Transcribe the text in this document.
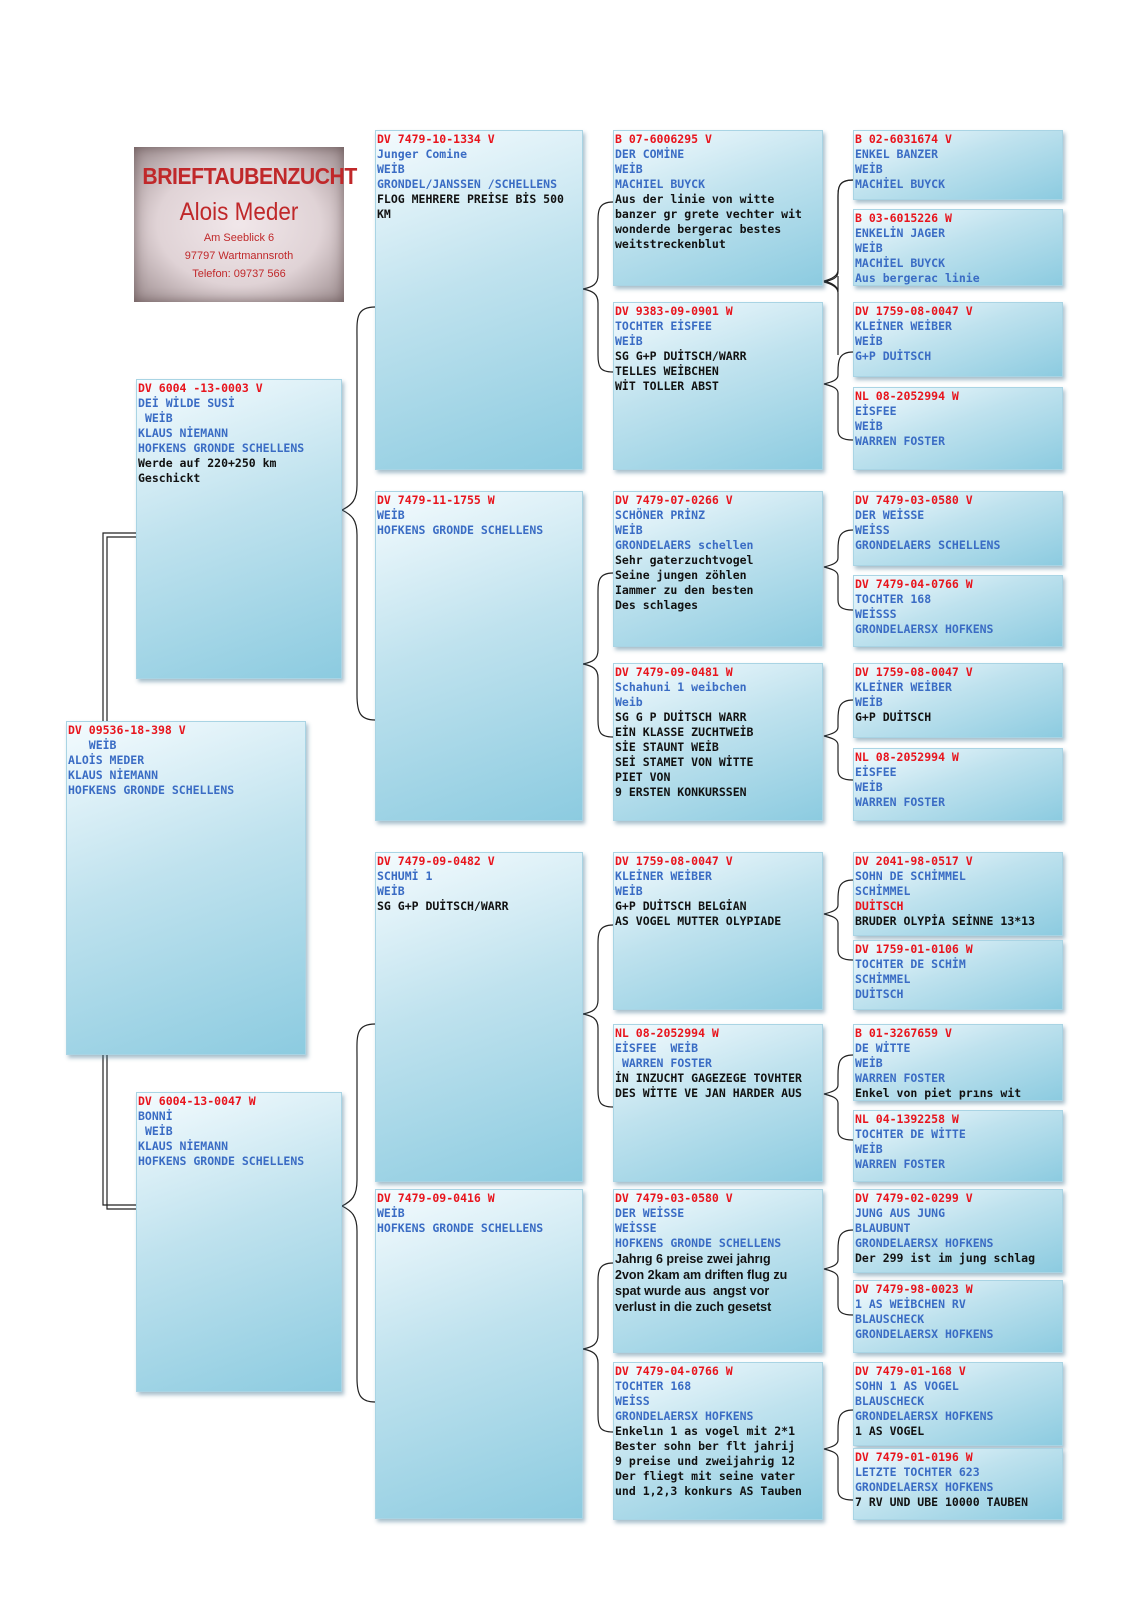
BRIEFTAUBENZUCHT
Alois Meder
Am Seeblick 6
97797 Wartmannsroth
Telefon: 09737 566
DV 09536-18-398 V
WEİB
ALOİS MEDER
KLAUS NİEMANN
HOFKENS GRONDE SCHELLENS
DV 6004 -13-0003 V
DEİ WİLDE SUSİ
WEİB
KLAUS NİEMANN
HOFKENS GRONDE SCHELLENS
Werde auf 220+250 km
Geschickt
DV 6004-13-0047 W
BONNİ
WEİB
KLAUS NİEMANN
HOFKENS GRONDE SCHELLENS
DV 7479-10-1334 V
Junger Comine
WEİB
GRONDEL/JANSSEN /SCHELLENS
FLOG MEHRERE PREİSE BİS 500
KM
DV 7479-11-1755 W
WEİB
HOFKENS GRONDE SCHELLENS
DV 7479-09-0482 V
SCHUMİ 1
WEİB
SG G+P DUİTSCH/WARR
DV 7479-09-0416 W
WEİB
HOFKENS GRONDE SCHELLENS
B 07-6006295 V
DER COMİNE
WEİB
MACHIEL BUYCK
Aus der linie von witte
banzer gr grete vechter wit
wonderde bergerac bestes
weitstreckenblut
DV 9383-09-0901 W
TOCHTER EİSFEE
WEİB
SG G+P DUİTSCH/WARR
TELLES WEİBCHEN
WİT TOLLER ABST
DV 7479-07-0266 V
SCHÖNER PRİNZ
WEİB
GRONDELAERS schellen
Sehr gaterzuchtvogel
Seine jungen zöhlen
Iammer zu den besten
Des schlages
DV 7479-09-0481 W
Schahuni 1 weibchen
Weib
SG G P DUİTSCH WARR
EİN KLASSE ZUCHTWEİB
SİE STAUNT WEİB
SEİ STAMET VON WİTTE
PIET VON
9 ERSTEN KONKURSSEN
DV 1759-08-0047 V
KLEİNER WEİBER
WEİB
G+P DUİTSCH BELGİAN
AS VOGEL MUTTER OLYPIADE
NL 08-2052994 W
EİSFEE  WEİB
WARREN FOSTER
İN INZUCHT GAGEZEGE TOVHTER
DES WİTTE VE JAN HARDER AUS
DV 7479-03-0580 V
DER WEİSSE
WEİSSE
HOFKENS GRONDE SCHELLENS
Jahrıg 6 preise zwei jahrıg
2von 2kam am driften flug zu
spat wurde aus  angst vor
verlust in die zuch gesetst
DV 7479-04-0766 W
TOCHTER 168
WEİSS
GRONDELAERSX HOFKENS
Enkelın 1 as vogel mit 2*1
Bester sohn ber flt jahrij
9 preise und zweijahrig 12
Der fliegt mit seine vater
und 1,2,3 konkurs AS Tauben
B 02-6031674 V
ENKEL BANZER
WEİB
MACHİEL BUYCK
B 03-6015226 W
ENKELİN JAGER
WEİB
MACHİEL BUYCK
Aus bergerac linie
DV 1759-08-0047 V
KLEİNER WEİBER
WEİB
G+P DUİTSCH
NL 08-2052994 W
EİSFEE
WEİB
WARREN FOSTER
DV 7479-03-0580 V
DER WEİSSE
WEİSS
GRONDELAERS SCHELLENS
DV 7479-04-0766 W
TOCHTER 168
WEİSSS
GRONDELAERSX HOFKENS
DV 1759-08-0047 V
KLEİNER WEİBER
WEİB
G+P DUİTSCH
NL 08-2052994 W
EİSFEE
WEİB
WARREN FOSTER
DV 2041-98-0517 V
SOHN DE SCHİMMEL
SCHİMMEL
DUİTSCH
BRUDER OLYPİA SEİNNE 13*13
DV 1759-01-0106 W
TOCHTER DE SCHİM
SCHİMMEL
DUİTSCH
B 01-3267659 V
DE WİTTE
WEİB
WARREN FOSTER
Enkel von piet prıns wit
NL 04-1392258 W
TOCHTER DE WİTTE
WEİB
WARREN FOSTER
DV 7479-02-0299 V
JUNG AUS JUNG
BLAUBUNT
GRONDELAERSX HOFKENS
Der 299 ist im jung schlag
DV 7479-98-0023 W
1 AS WEİBCHEN RV
BLAUSCHECK
GRONDELAERSX HOFKENS
DV 7479-01-168 V
SOHN 1 AS VOGEL
BLAUSCHECK
GRONDELAERSX HOFKENS
1 AS VOGEL
DV 7479-01-0196 W
LETZTE TOCHTER 623
GRONDELAERSX HOFKENS
7 RV UND UBE 10000 TAUBEN
